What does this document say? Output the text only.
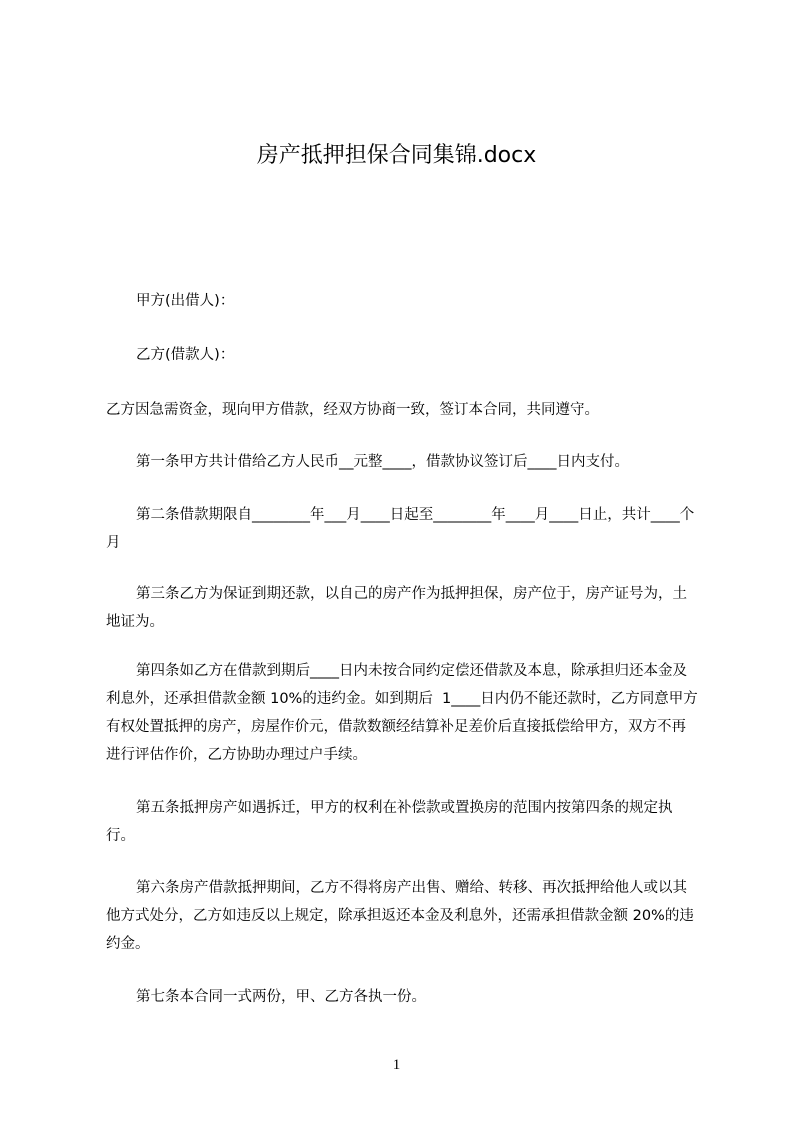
房产抵押担保合同集锦.docx
甲方(出借人)：
乙方(借款人)：
乙方因急需资金，现向甲方借款，经双方协商一致，签订本合同，共同遵守。
第一条甲方共计借给乙方人民币__元整____，借款协议签订后____日内支付。
第二条借款期限自________年___月____日起至________年____月____日止，共计____个月
第三条乙方为保证到期还款，以自己的房产作为抵押担保，房产位于，房产证号为，土地证为。
第四条如乙方在借款到期后____日内未按合同约定偿还借款及本息，除承担归还本金及利息外，还承担借款金额 10%的违约金。如到期后  1____日内仍不能还款时，乙方同意甲方有权处置抵押的房产，房屋作价元，借款数额经结算补足差价后直接抵偿给甲方，双方不再进行评估作价，乙方协助办理过户手续。
第五条抵押房产如遇拆迁，甲方的权利在补偿款或置换房的范围内按第四条的规定执行。
第六条房产借款抵押期间，乙方不得将房产出售、赠给、转移、再次抵押给他人或以其他方式处分，乙方如违反以上规定，除承担返还本金及利息外，还需承担借款金额 20%的违约金。
第七条本合同一式两份，甲、乙方各执一份。
1
